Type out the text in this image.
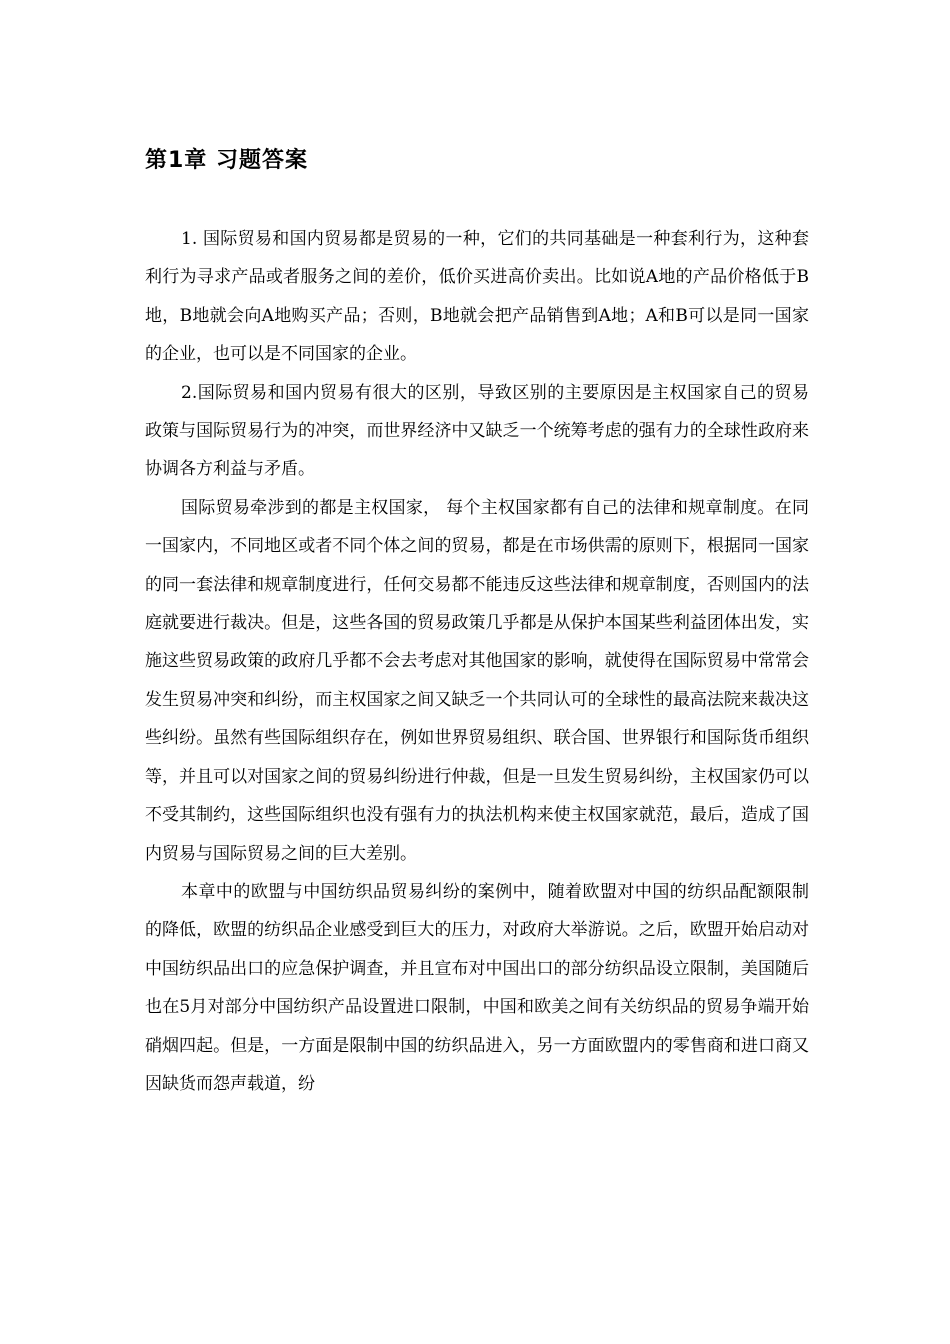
第1章 习题答案

1. 国际贸易和国内贸易都是贸易的一种，它们的共同基础是一种套利行为，这种套利行为寻求产品或者服务之间的差价，低价买进高价卖出。比如说A地的产品价格低于B地，B地就会向A地购买产品；否则，B地就会把产品销售到A地；A和B可以是同一国家的企业，也可以是不同国家的企业。

2.国际贸易和国内贸易有很大的区别，导致区别的主要原因是主权国家自己的贸易政策与国际贸易行为的冲突，而世界经济中又缺乏一个统筹考虑的强有力的全球性政府来协调各方利益与矛盾。

国际贸易牵涉到的都是主权国家， 每个主权国家都有自己的法律和规章制度。在同一国家内，不同地区或者不同个体之间的贸易，都是在市场供需的原则下，根据同一国家的同一套法律和规章制度进行，任何交易都不能违反这些法律和规章制度，否则国内的法庭就要进行裁决。但是，这些各国的贸易政策几乎都是从保护本国某些利益团体出发，实施这些贸易政策的政府几乎都不会去考虑对其他国家的影响，就使得在国际贸易中常常会发生贸易冲突和纠纷，而主权国家之间又缺乏一个共同认可的全球性的最高法院来裁决这些纠纷。虽然有些国际组织存在，例如世界贸易组织、联合国、世界银行和国际货币组织等，并且可以对国家之间的贸易纠纷进行仲裁，但是一旦发生贸易纠纷，主权国家仍可以不受其制约，这些国际组织也没有强有力的执法机构来使主权国家就范，最后，造成了国内贸易与国际贸易之间的巨大差别。

本章中的欧盟与中国纺织品贸易纠纷的案例中，随着欧盟对中国的纺织品配额限制的降低，欧盟的纺织品企业感受到巨大的压力，对政府大举游说。之后，欧盟开始启动对中国纺织品出口的应急保护调查，并且宣布对中国出口的部分纺织品设立限制，美国随后也在5月对部分中国纺织产品设置进口限制，中国和欧美之间有关纺织品的贸易争端开始硝烟四起。但是，一方面是限制中国的纺织品进入，另一方面欧盟内的零售商和进口商又因缺货而怨声载道，纷
